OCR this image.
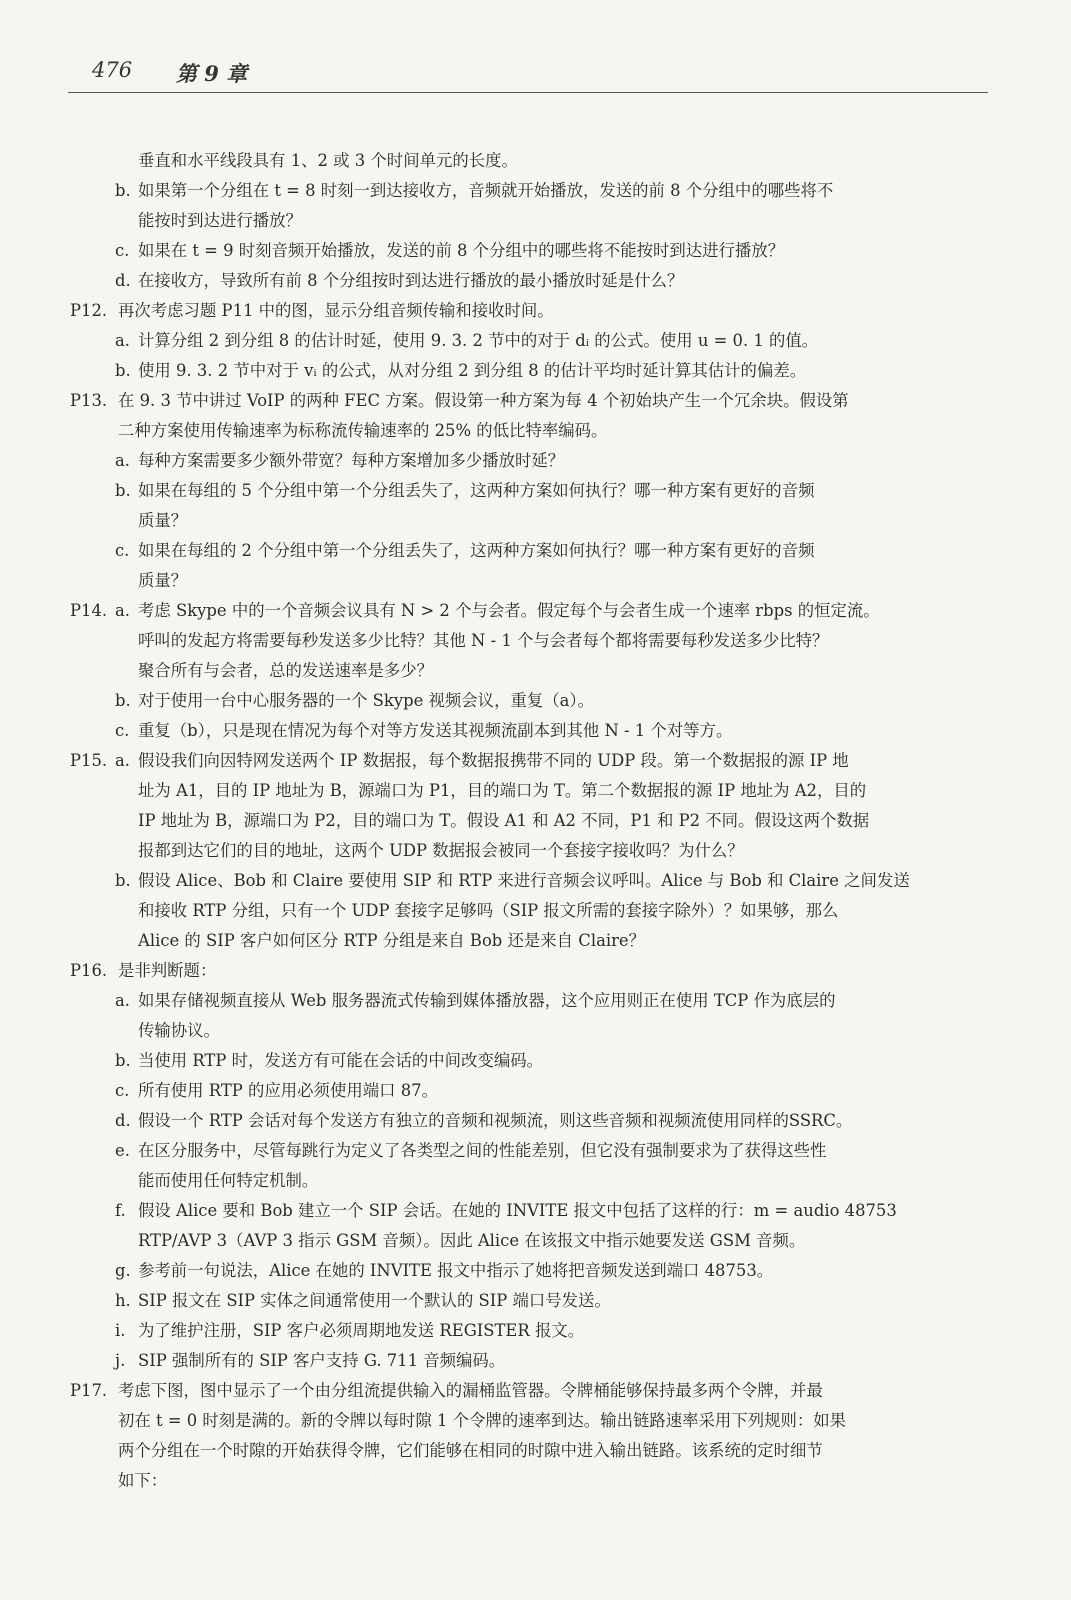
476 第 9 章
垂直和水平线段具有 1、2 或 3 个时间单元的长度。
b. 如果第一个分组在 t = 8 时刻一到达接收方，音频就开始播放，发送的前 8 个分组中的哪些将不
能按时到达进行播放？
c. 如果在 t = 9 时刻音频开始播放，发送的前 8 个分组中的哪些将不能按时到达进行播放？
d. 在接收方，导致所有前 8 个分组按时到达进行播放的最小播放时延是什么？
P12. 再次考虑习题 P11 中的图，显示分组音频传输和接收时间。
a. 计算分组 2 到分组 8 的估计时延，使用 9. 3. 2 节中的对于 dᵢ 的公式。使用 u = 0. 1 的值。
b. 使用 9. 3. 2 节中对于 vᵢ 的公式，从对分组 2 到分组 8 的估计平均时延计算其估计的偏差。
P13. 在 9. 3 节中讲过 VoIP 的两种 FEC 方案。假设第一种方案为每 4 个初始块产生一个冗余块。假设第
二种方案使用传输速率为标称流传输速率的 25% 的低比特率编码。
a. 每种方案需要多少额外带宽？每种方案增加多少播放时延？
b. 如果在每组的 5 个分组中第一个分组丢失了，这两种方案如何执行？哪一种方案有更好的音频
质量？
c. 如果在每组的 2 个分组中第一个分组丢失了，这两种方案如何执行？哪一种方案有更好的音频
质量？
P14. a. 考虑 Skype 中的一个音频会议具有 N > 2 个与会者。假定每个与会者生成一个速率 rbps 的恒定流。
呼叫的发起方将需要每秒发送多少比特？其他 N - 1 个与会者每个都将需要每秒发送多少比特？
聚合所有与会者，总的发送速率是多少？
b. 对于使用一台中心服务器的一个 Skype 视频会议，重复（a）。
c. 重复（b），只是现在情况为每个对等方发送其视频流副本到其他 N - 1 个对等方。
P15. a. 假设我们向因特网发送两个 IP 数据报，每个数据报携带不同的 UDP 段。第一个数据报的源 IP 地
址为 A1，目的 IP 地址为 B，源端口为 P1，目的端口为 T。第二个数据报的源 IP 地址为 A2，目的
IP 地址为 B，源端口为 P2，目的端口为 T。假设 A1 和 A2 不同，P1 和 P2 不同。假设这两个数据
报都到达它们的目的地址，这两个 UDP 数据报会被同一个套接字接收吗？为什么？
b. 假设 Alice、Bob 和 Claire 要使用 SIP 和 RTP 来进行音频会议呼叫。Alice 与 Bob 和 Claire 之间发送
和接收 RTP 分组，只有一个 UDP 套接字足够吗（SIP 报文所需的套接字除外）？如果够，那么
Alice 的 SIP 客户如何区分 RTP 分组是来自 Bob 还是来自 Claire？
P16. 是非判断题：
a. 如果存储视频直接从 Web 服务器流式传输到媒体播放器，这个应用则正在使用 TCP 作为底层的
传输协议。
b. 当使用 RTP 时，发送方有可能在会话的中间改变编码。
c. 所有使用 RTP 的应用必须使用端口 87。
d. 假设一个 RTP 会话对每个发送方有独立的音频和视频流，则这些音频和视频流使用同样的SSRC。
e. 在区分服务中，尽管每跳行为定义了各类型之间的性能差别，但它没有强制要求为了获得这些性
能而使用任何特定机制。
f. 假设 Alice 要和 Bob 建立一个 SIP 会话。在她的 INVITE 报文中包括了这样的行：m = audio 48753
RTP/AVP 3（AVP 3 指示 GSM 音频）。因此 Alice 在该报文中指示她要发送 GSM 音频。
g. 参考前一句说法，Alice 在她的 INVITE 报文中指示了她将把音频发送到端口 48753。
h. SIP 报文在 SIP 实体之间通常使用一个默认的 SIP 端口号发送。
i. 为了维护注册，SIP 客户必须周期地发送 REGISTER 报文。
j. SIP 强制所有的 SIP 客户支持 G. 711 音频编码。
P17. 考虑下图，图中显示了一个由分组流提供输入的漏桶监管器。令牌桶能够保持最多两个令牌，并最
初在 t = 0 时刻是满的。新的令牌以每时隙 1 个令牌的速率到达。输出链路速率采用下列规则：如果
两个分组在一个时隙的开始获得令牌，它们能够在相同的时隙中进入输出链路。该系统的定时细节
如下：
